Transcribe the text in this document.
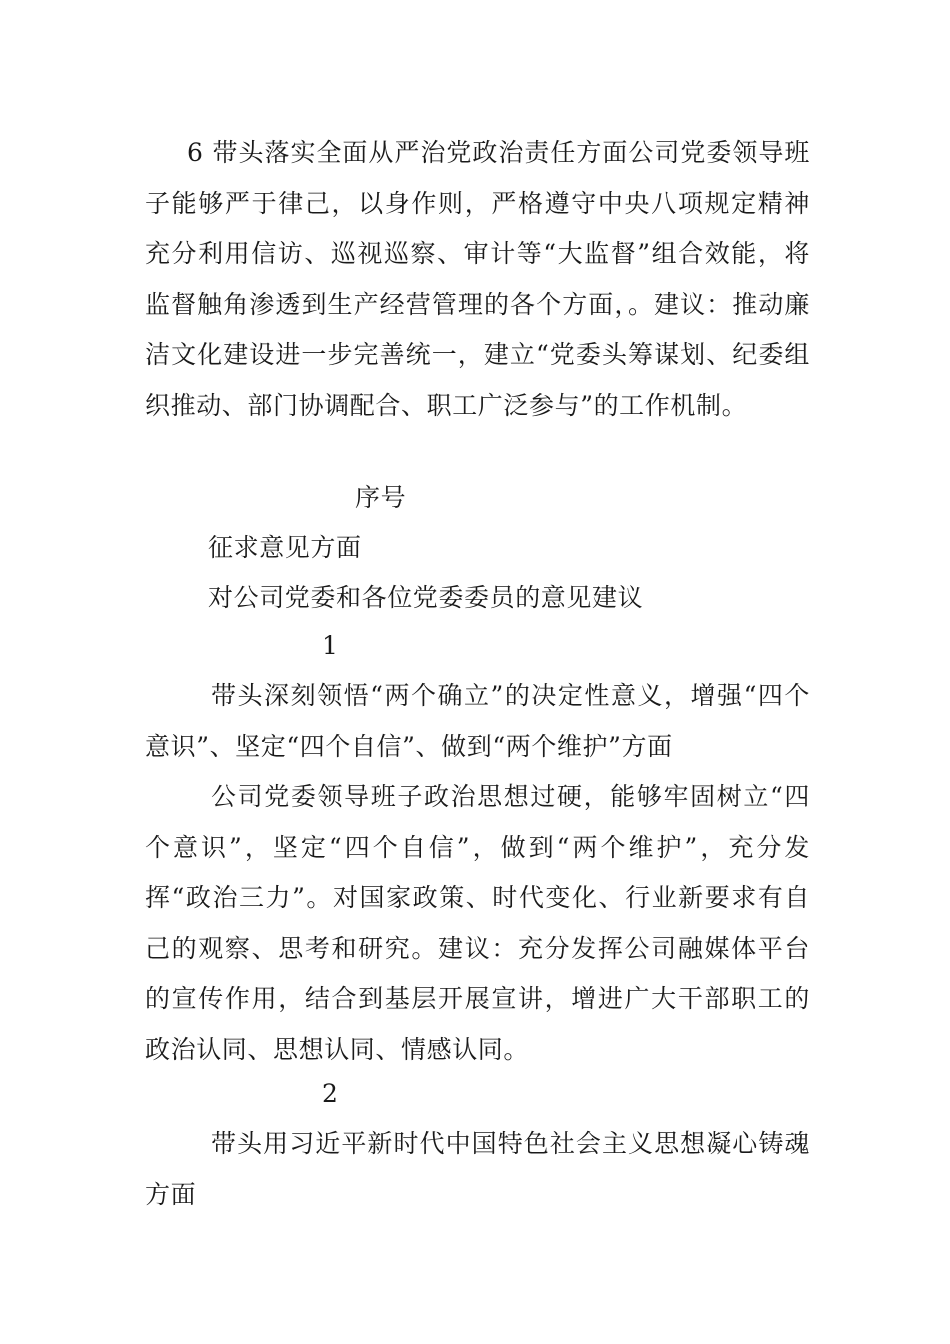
6 带头落实全面从严治党政治责任方面公司党委领导班子能够严于律己，以身作则，严格遵守中央八项规定精神充分利用信访、巡视巡察、审计等“大监督”组合效能，将监督触角渗透到生产经营管理的各个方面，。建议：推动廉洁文化建设进一步完善统一，建立“党委头筹谋划、纪委组织推动、部门协调配合、职工广泛参与”的工作机制。

序号

征求意见方面

对公司党委和各位党委委员的意见建议

1

带头深刻领悟“两个确立”的决定性意义，增强“四个意识”、坚定“四个自信”、做到“两个维护”方面

公司党委领导班子政治思想过硬，能够牢固树立“四个意识”，坚定“四个自信”，做到“两个维护”，充分发挥“政治三力”。对国家政策、时代变化、行业新要求有自己的观察、思考和研究。建议：充分发挥公司融媒体平台的宣传作用，结合到基层开展宣讲，增进广大干部职工的政治认同、思想认同、情感认同。

2

带头用习近平新时代中国特色社会主义思想凝心铸魂方面
